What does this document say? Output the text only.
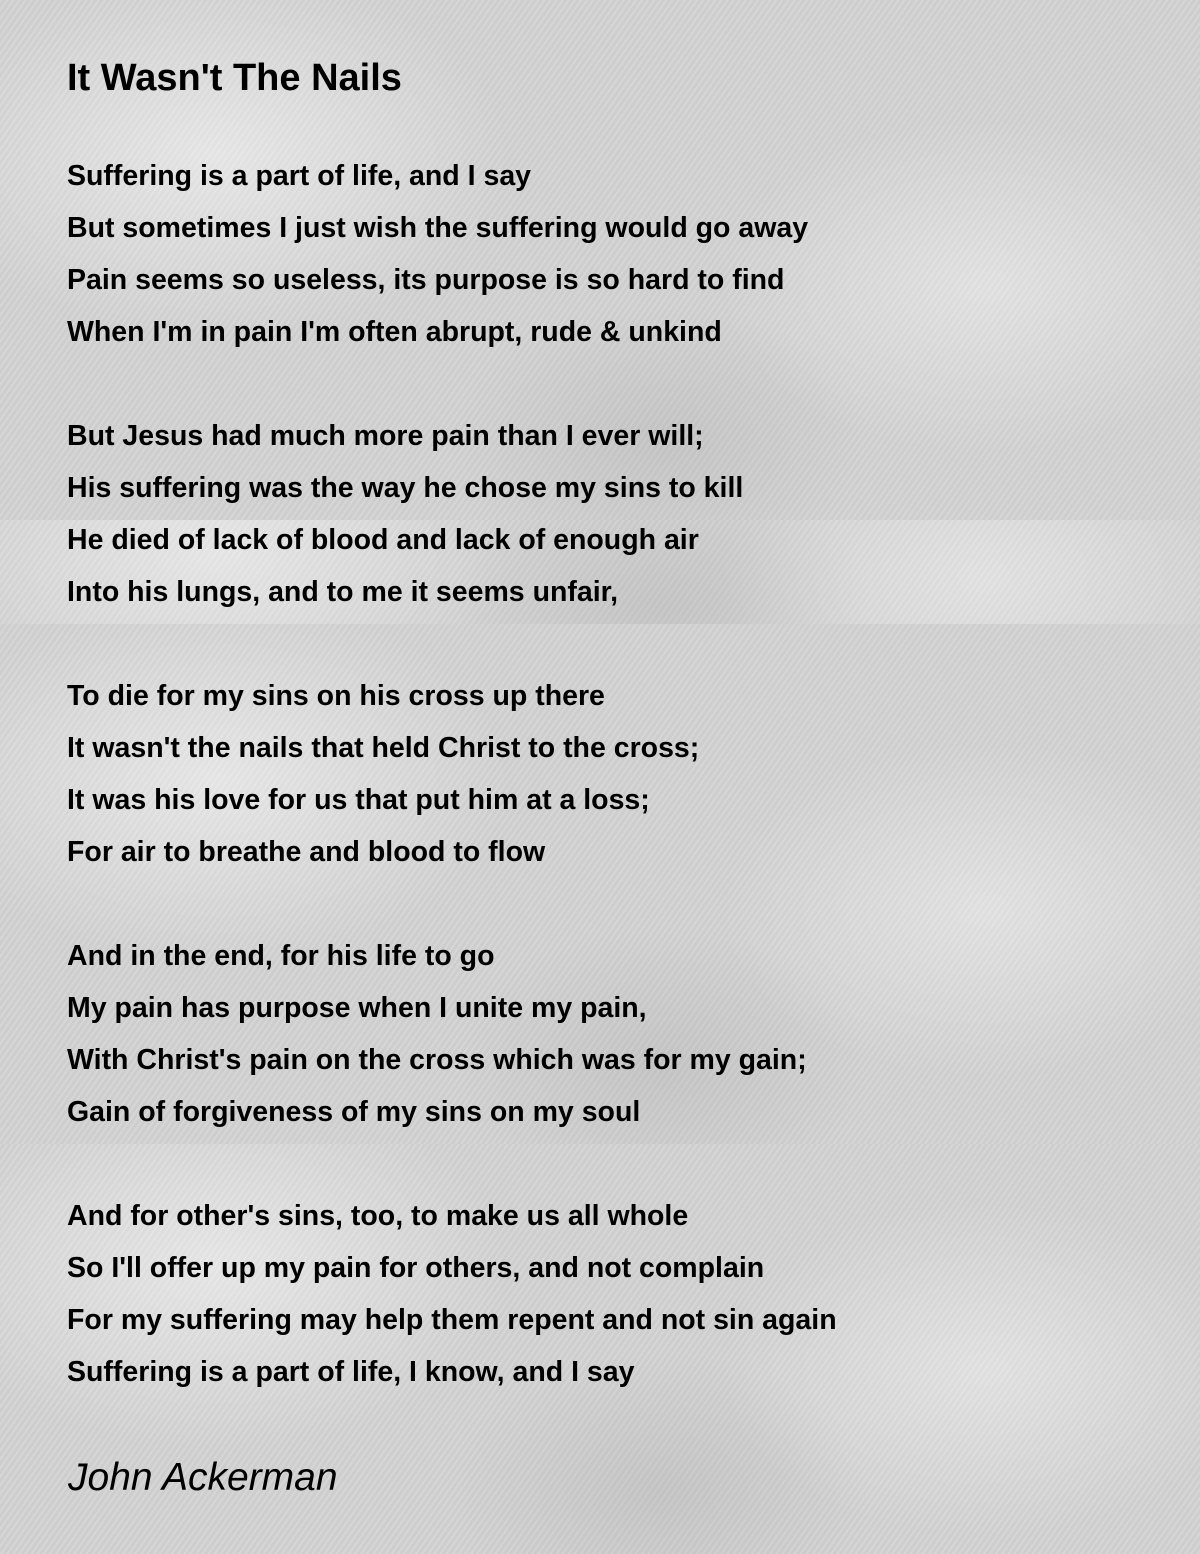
It Wasn't The Nails
Suffering is a part of life, and I say
But sometimes I just wish the suffering would go away
Pain seems so useless, its purpose is so hard to find
When I'm in pain I'm often abrupt, rude & unkind
But Jesus had much more pain than I ever will;
His suffering was the way he chose my sins to kill
He died of lack of blood and lack of enough air
Into his lungs, and to me it seems unfair,
To die for my sins on his cross up there
It wasn't the nails that held Christ to the cross;
It was his love for us that put him at a loss;
For air to breathe and blood to flow
And in the end, for his life to go
My pain has purpose when I unite my pain,
With Christ's pain on the cross which was for my gain;
Gain of forgiveness of my sins on my soul
And for other's sins, too, to make us all whole
So I'll offer up my pain for others, and not complain
For my suffering may help them repent and not sin again
Suffering is a part of life, I know, and I say
John Ackerman
